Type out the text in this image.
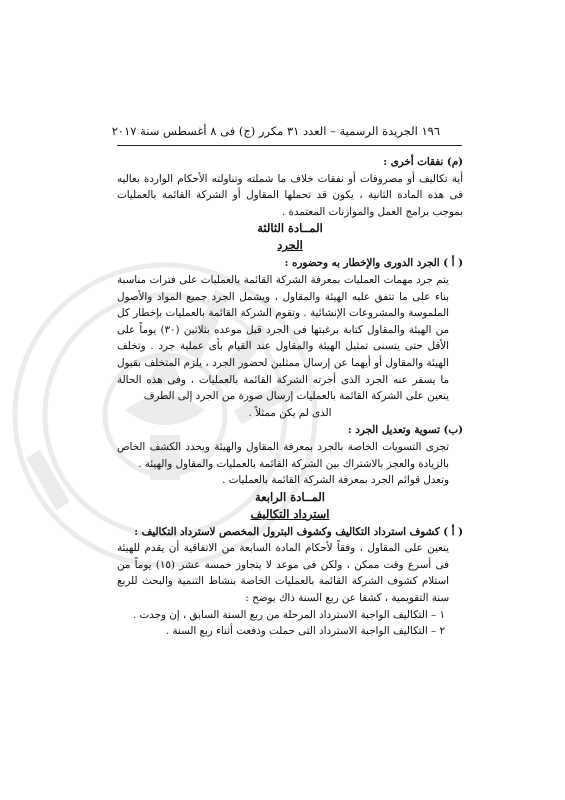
١٩٦ الجريدة الرسمية – العدد ٣١ مكرر (ج) فى ٨ أغسطس سنة ٢٠١٧

(م) نفقات أخرى :

أية تكاليف أو مصروفات أو نفقات خلاف ما شملته وتناولته الأحكام الواردة بعاليه فى هذه المادة الثانية ، يكون قد تحملها المقاول أو الشركة القائمة بالعمليات بموجب برامج العمل والموازنات المعتمدة .

المــادة الثالثة

الجرد

( أ ) الجرد الدورى والإخطار به وحضوره :

يتم جرد مهمات العمليات بمعرفة الشركة القائمة بالعمليات على فترات مناسبة بناء على ما تتفق عليه الهيئة والمقاول ، ويشمل الجرد جميع المواد والأصول الملموسة والمشروعات الإنشائية . وتقوم الشركة القائمة بالعمليات بإخطار كل من الهيئة والمقاول كتابة برغبتها فى الجرد قبل موعده بثلاثين (٣٠) يوماً على الأقل حتى يتسنى تمثيل الهيئة والمقاول عند القيام بأى عملية جرد . وتخلف الهيئة والمقاول أو أيهما عن إرسال ممثلين لحضور الجرد ، يلزم المتخلف بقبول ما يسفر عنه الجرد الذى أجرته الشركة القائمة بالعمليات ، وفى هذه الحالة يتعين على الشركة القائمة بالعمليات إرسال صورة من الجرد إلى الطرف

الذى لم يكن ممثلاً .

(ب) تسوية وتعديل الجرد :

تجرى التسويات الخاصة بالجرد بمعرفة المقاول والهيئة ويحدد الكشف الخاص بالزيادة والعجز بالاشتراك بين الشركة القائمة بالعمليات والمقاول والهيئة .

وتعدل قوائم الجرد بمعرفة الشركة القائمة بالعمليات .

المــادة الرابعة

استرداد التكاليف

( أ ) كشوف استرداد التكاليف وكشوف البترول المخصص لاسترداد التكاليف :

يتعين على المقاول ، وفقاً لأحكام المادة السابعة من الاتفاقية أن يقدم للهيئة فى أسرع وقت ممكن ، ولكن فى موعد لا يتجاوز خمسة عشر (١٥) يوماً من استلام كشوف الشركة القائمة بالعمليات الخاصة بنشاط التنمية والبحث للربع سنة التقويمية ، كشفا عن ربع السنة ذاك يوضح :

١ – التكاليف الواجبة الاسترداد المرحلة من ربع السنة السابق ، إن وجدت .

٢ – التكاليف الواجبة الاسترداد التى حملت ودفعت أثناء ربع السنة .
